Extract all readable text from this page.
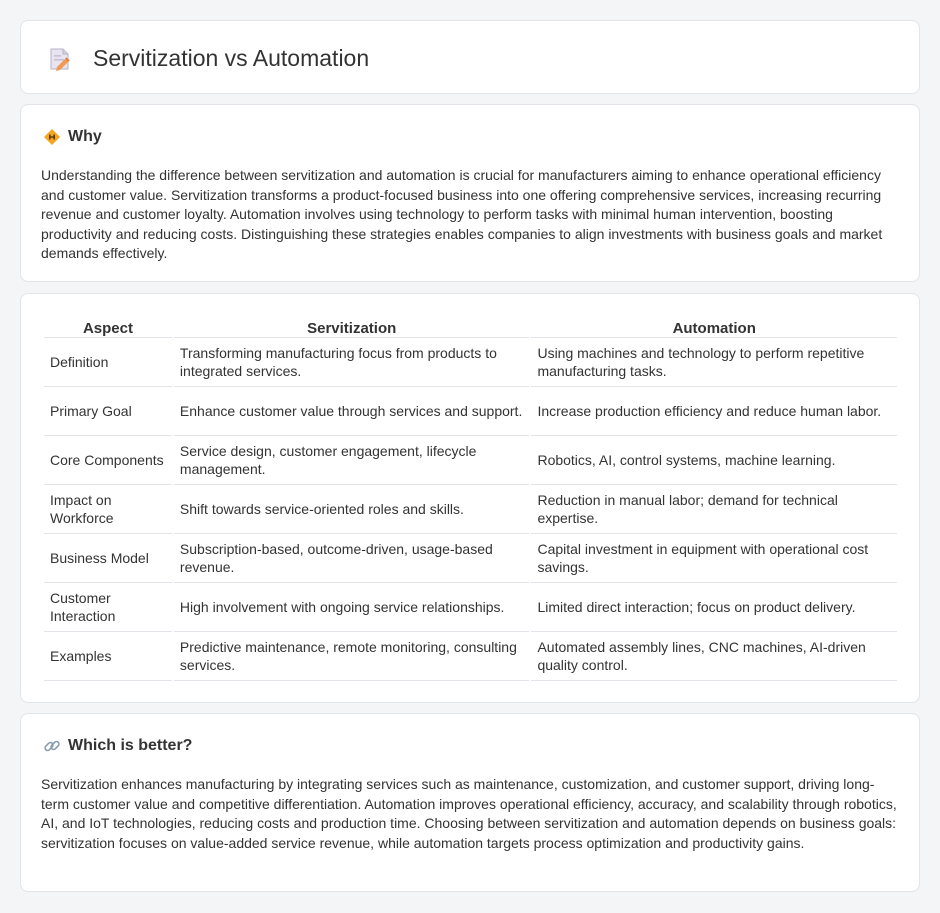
Servitization vs Automation
Why

Understanding the difference between servitization and automation is crucial for manufacturers aiming to enhance operational efficiency and customer value. Servitization transforms a product-focused business into one offering comprehensive services, increasing recurring revenue and customer loyalty. Automation involves using technology to perform tasks with minimal human intervention, boosting productivity and reducing costs. Distinguishing these strategies enables companies to align investments with business goals and market demands effectively.

Aspect	Servitization	Automation
Definition	Transforming manufacturing focus from products to integrated services.	Using machines and technology to perform repetitive manufacturing tasks.
Primary Goal	Enhance customer value through services and support.	Increase production efficiency and reduce human labor.
Core Components	Service design, customer engagement, lifecycle management.	Robotics, AI, control systems, machine learning.
Impact on Workforce	Shift towards service-oriented roles and skills.	Reduction in manual labor; demand for technical expertise.
Business Model	Subscription-based, outcome-driven, usage-based revenue.	Capital investment in equipment with operational cost savings.
Customer Interaction	High involvement with ongoing service relationships.	Limited direct interaction; focus on product delivery.
Examples	Predictive maintenance, remote monitoring, consulting services.	Automated assembly lines, CNC machines, AI-driven quality control.
Which is better?

Servitization enhances manufacturing by integrating services such as maintenance, customization, and customer support, driving long-term customer value and competitive differentiation. Automation improves operational efficiency, accuracy, and scalability through robotics, AI, and IoT technologies, reducing costs and production time. Choosing between servitization and automation depends on business goals: servitization focuses on value-added service revenue, while automation targets process optimization and productivity gains.
